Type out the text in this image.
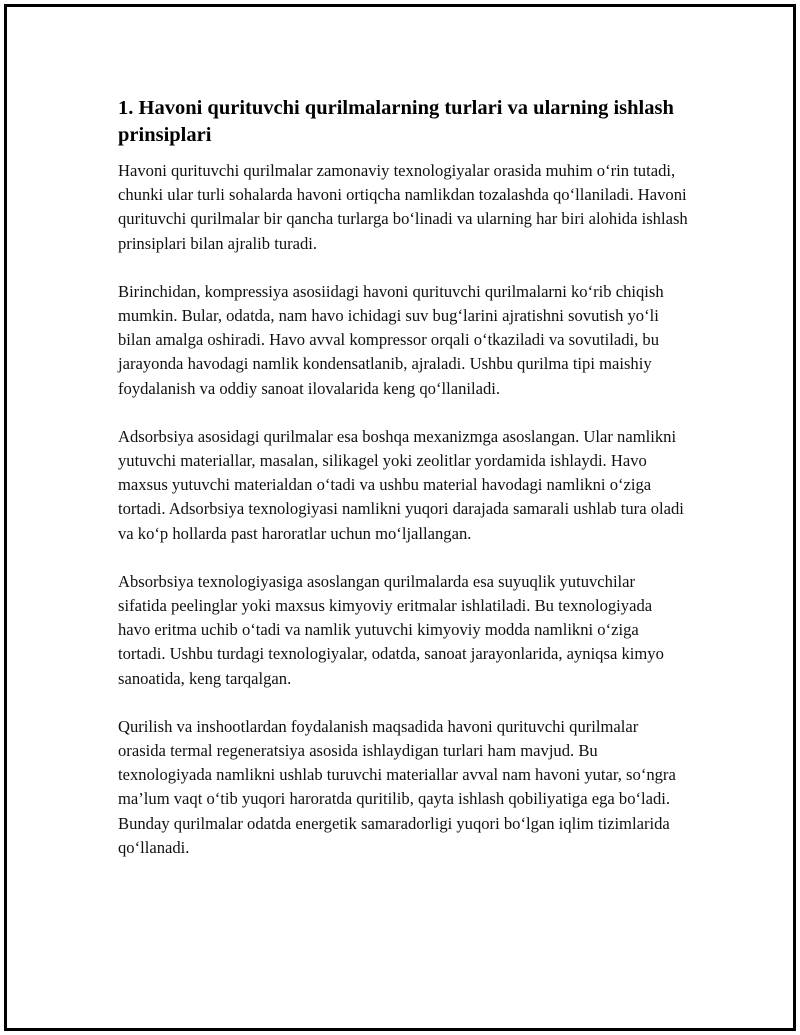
1. Havoni qurituvchi qurilmalarning turlari va ularning ishlash prinsiplari

Havoni qurituvchi qurilmalar zamonaviy texnologiyalar orasida muhim o‘rin tutadi, chunki ular turli sohalarda havoni ortiqcha namlikdan tozalashda qo‘llaniladi. Havoni qurituvchi qurilmalar bir qancha turlarga bo‘linadi va ularning har biri alohida ishlash prinsiplari bilan ajralib turadi.

Birinchidan, kompressiya asosiidagi havoni qurituvchi qurilmalarni ko‘rib chiqish mumkin. Bular, odatda, nam havo ichidagi suv bug‘larini ajratishni sovutish yo‘li bilan amalga oshiradi. Havo avval kompressor orqali o‘tkaziladi va sovutiladi, bu jarayonda havodagi namlik kondensatlanib, ajraladi. Ushbu qurilma tipi maishiy foydalanish va oddiy sanoat ilovalarida keng qo‘llaniladi.

Adsorbsiya asosidagi qurilmalar esa boshqa mexanizmga asoslangan. Ular namlikni yutuvchi materiallar, masalan, silikagel yoki zeolitlar yordamida ishlaydi. Havo maxsus yutuvchi materialdan o‘tadi va ushbu material havodagi namlikni o‘ziga tortadi. Adsorbsiya texnologiyasi namlikni yuqori darajada samarali ushlab tura oladi va ko‘p hollarda past haroratlar uchun mo‘ljallangan.

Absorbsiya texnologiyasiga asoslangan qurilmalarda esa suyuqlik yutuvchilar sifatida peelinglar yoki maxsus kimyoviy eritmalar ishlatiladi. Bu texnologiyada havo eritma uchib o‘tadi va namlik yutuvchi kimyoviy modda namlikni o‘ziga tortadi. Ushbu turdagi texnologiyalar, odatda, sanoat jarayonlarida, ayniqsa kimyo sanoatida, keng tarqalgan.

Qurilish va inshootlardan foydalanish maqsadida havoni qurituvchi qurilmalar orasida termal regeneratsiya asosida ishlaydigan turlari ham mavjud. Bu texnologiyada namlikni ushlab turuvchi materiallar avval nam havoni yutar, so‘ngra ma’lum vaqt o‘tib yuqori haroratda quritilib, qayta ishlash qobiliyatiga ega bo‘ladi. Bunday qurilmalar odatda energetik samaradorligi yuqori bo‘lgan iqlim tizimlarida qo‘llanadi.
